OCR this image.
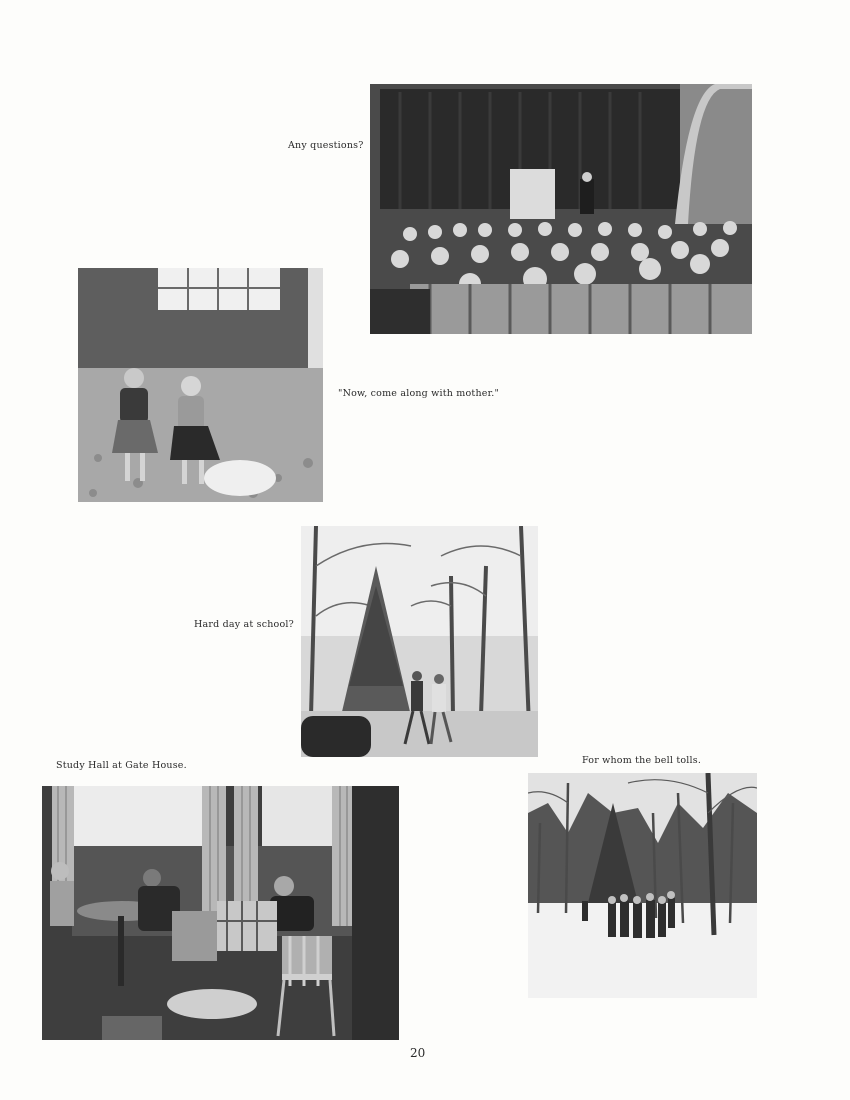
Any questions?
"Now, come along with mother."
Hard day at school?
Study Hall at Gate House.	For whom the bell tolls.
20
